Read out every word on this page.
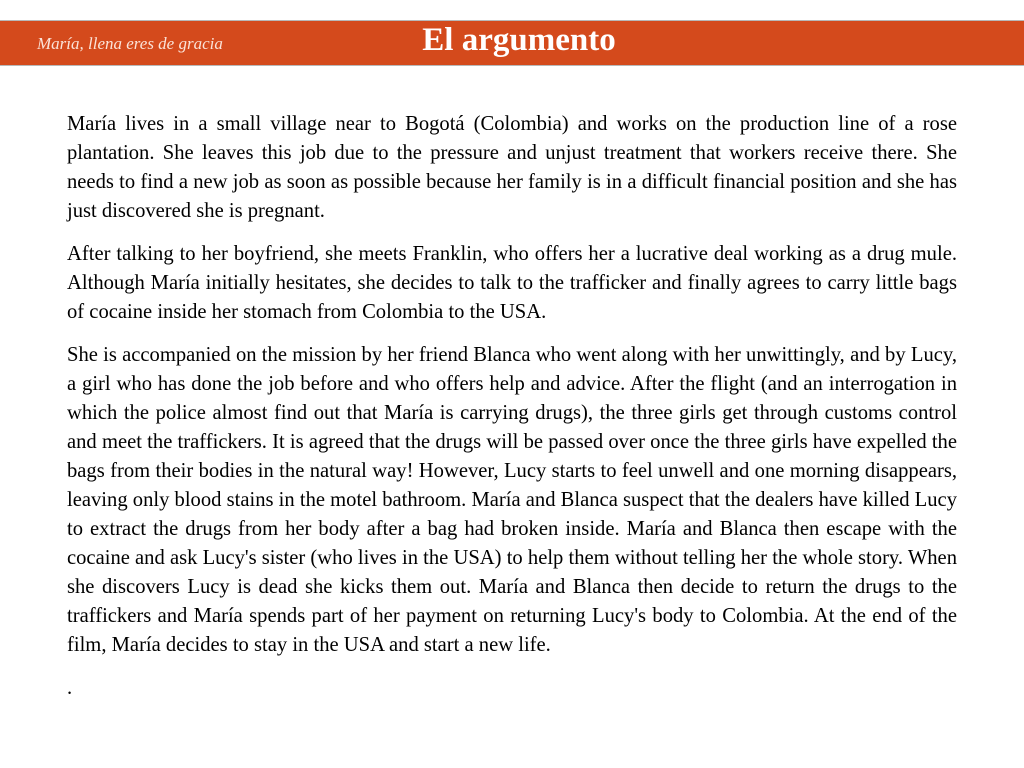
María, llena eres de gracia	El argumento

María lives in a small village near to Bogotá (Colombia) and works on the production line of a rose plantation. She leaves this job due to the pressure and unjust treatment that workers receive there. She needs to find a new job as soon as possible because her family is in a difficult financial position and she has just discovered she is pregnant.

After talking to her boyfriend, she meets Franklin, who offers her a lucrative deal working as a drug mule. Although María initially hesitates, she decides to talk to the trafficker and finally agrees to carry little bags of cocaine inside her stomach from Colombia to the USA.

She is accompanied on the mission by her friend Blanca who went along with her unwittingly, and by Lucy, a girl who has done the job before and who offers help and advice. After the flight (and an interrogation in which the police almost find out that María is carrying drugs), the three girls get through customs control and meet the traffickers. It is agreed that the drugs will be passed over once the three girls have expelled the bags from their bodies in the natural way! However, Lucy starts to feel unwell and one morning disappears, leaving only blood stains in the motel bathroom. María and Blanca suspect that the dealers have killed Lucy to extract the drugs from her body after a bag had broken inside. María and Blanca then escape with the cocaine and ask Lucy's sister (who lives in the USA) to help them without telling her the whole story. When she discovers Lucy is dead she kicks them out. María and Blanca then decide to return the drugs to the traffickers and María spends part of her payment on returning Lucy's body to Colombia. At the end of the film, María decides to stay in the USA and start a new life.

.
